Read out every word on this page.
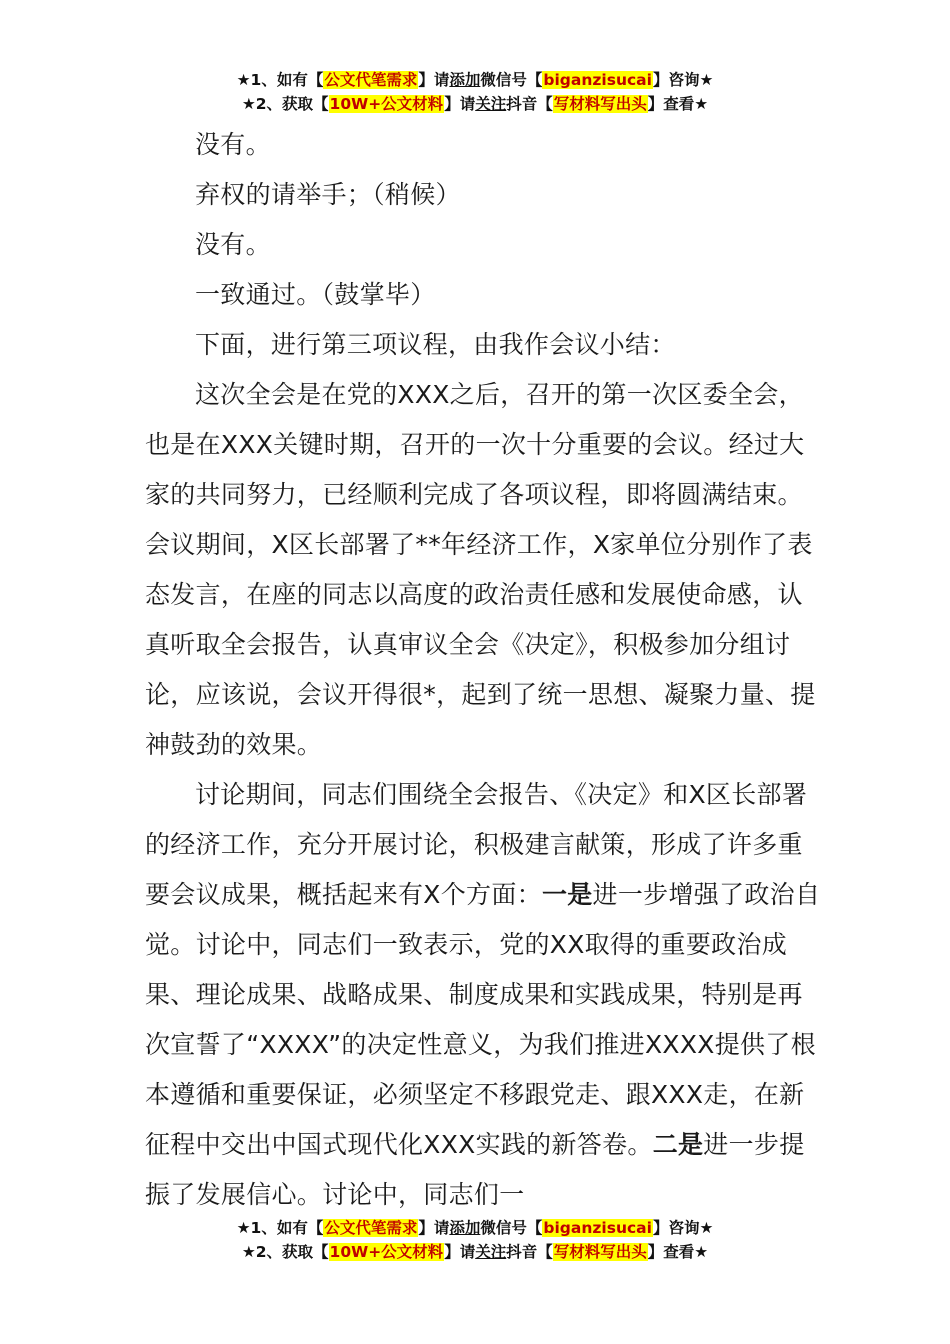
★1、如有【公文代笔需求】请添加微信号【biganzisucai】咨询★
★2、获取【10W+公文材料】请关注抖音【写材料写出头】查看★

没有。

弃权的请举手；（稍候）

没有。

一致通过。（鼓掌毕）

下面，进行第三项议程，由我作会议小结：

这次全会是在党的XXX之后，召开的第一次区委全会，也是在XXX关键时期，召开的一次十分重要的会议。经过大家的共同努力，已经顺利完成了各项议程，即将圆满结束。会议期间，X区长部署了**年经济工作，X家单位分别作了表态发言，在座的同志以高度的政治责任感和发展使命感，认真听取全会报告，认真审议全会《决定》，积极参加分组讨论，应该说，会议开得很*，起到了统一思想、凝聚力量、提神鼓劲的效果。

讨论期间，同志们围绕全会报告、《决定》和X区长部署的经济工作，充分开展讨论，积极建言献策，形成了许多重要会议成果，概括起来有X个方面：一是进一步增强了政治自觉。讨论中，同志们一致表示，党的XX取得的重要政治成果、理论成果、战略成果、制度成果和实践成果，特别是再次宣誓了“XXXX”的决定性意义，为我们推进XXXX提供了根本遵循和重要保证，必须坚定不移跟党走、跟XXX走，在新征程中交出中国式现代化XXX实践的新答卷。二是进一步提振了发展信心。讨论中，同志们一

★1、如有【公文代笔需求】请添加微信号【biganzisucai】咨询★
★2、获取【10W+公文材料】请关注抖音【写材料写出头】查看★
